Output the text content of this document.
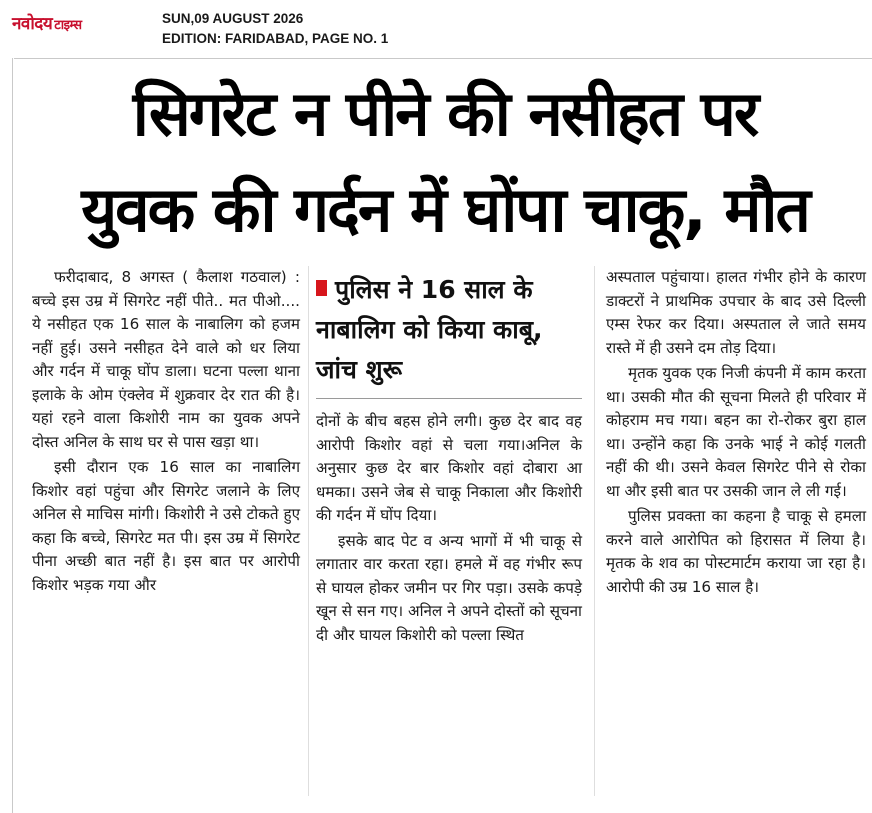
नवोदय टाइम्स	SUN,09 AUGUST 2026
EDITION: FARIDABAD, PAGE NO. 1
सिगरेट न पीने की नसीहत पर
युवक की गर्दन में घोंपा चाकू, मौत

फरीदाबाद, 8 अगस्त ( कैलाश गठवाल) : बच्चे इस उम्र में सिगरेट नहीं पीते.. मत पीओ.... ये नसीहत एक 16 साल के नाबालिग को हजम नहीं हुई। उसने नसीहत देने वाले को धर लिया और गर्दन में चाकू घोंप डाला। घटना पल्ला थाना इलाके के ओम एंक्लेव में शुक्रवार देर रात की है। यहां रहने वाला किशोरी नाम का युवक अपने दोस्त अनिल के साथ घर से पास खड़ा था।

इसी दौरान एक 16 साल का नाबालिग किशोर वहां पहुंचा और सिगरेट जलाने के लिए अनिल से माचिस मांगी। किशोरी ने उसे टोकते हुए कहा कि बच्चे, सिगरेट मत पी। इस उम्र में सिगरेट पीना अच्छी बात नहीं है। इस बात पर आरोपी किशोर भड़क गया और

पुलिस ने 16 साल के नाबालिग को किया काबू, जांच शुरू

दोनों के बीच बहस होने लगी। कुछ देर बाद वह आरोपी किशोर वहां से चला गया।अनिल के अनुसार कुछ देर बार किशोर वहां दोबारा आ धमका। उसने जेब से चाकू निकाला और किशोरी की गर्दन में घोंप दिया।

इसके बाद पेट व अन्य भागों में भी चाकू से लगातार वार करता रहा। हमले में वह गंभीर रूप से घायल होकर जमीन पर गिर पड़ा। उसके कपड़े खून से सन गए। अनिल ने अपने दोस्तों को सूचना दी और घायल किशोरी को पल्ला स्थित

अस्पताल पहुंचाया। हालत गंभीर होने के कारण डाक्टरों ने प्राथमिक उपचार के बाद उसे दिल्ली एम्स रेफर कर दिया। अस्पताल ले जाते समय रास्ते में ही उसने दम तोड़ दिया।

मृतक युवक एक निजी कंपनी में काम करता था। उसकी मौत की सूचना मिलते ही परिवार में कोहराम मच गया। बहन का रो-रोकर बुरा हाल था। उन्होंने कहा कि उनके भाई ने कोई गलती नहीं की थी। उसने केवल सिगरेट पीने से रोका था और इसी बात पर उसकी जान ले ली गई।

पुलिस प्रवक्ता का कहना है चाकू से हमला करने वाले आरोपित को हिरासत में लिया है। मृतक के शव का पोस्टमार्टम कराया जा रहा है। आरोपी की उम्र 16 साल है।
